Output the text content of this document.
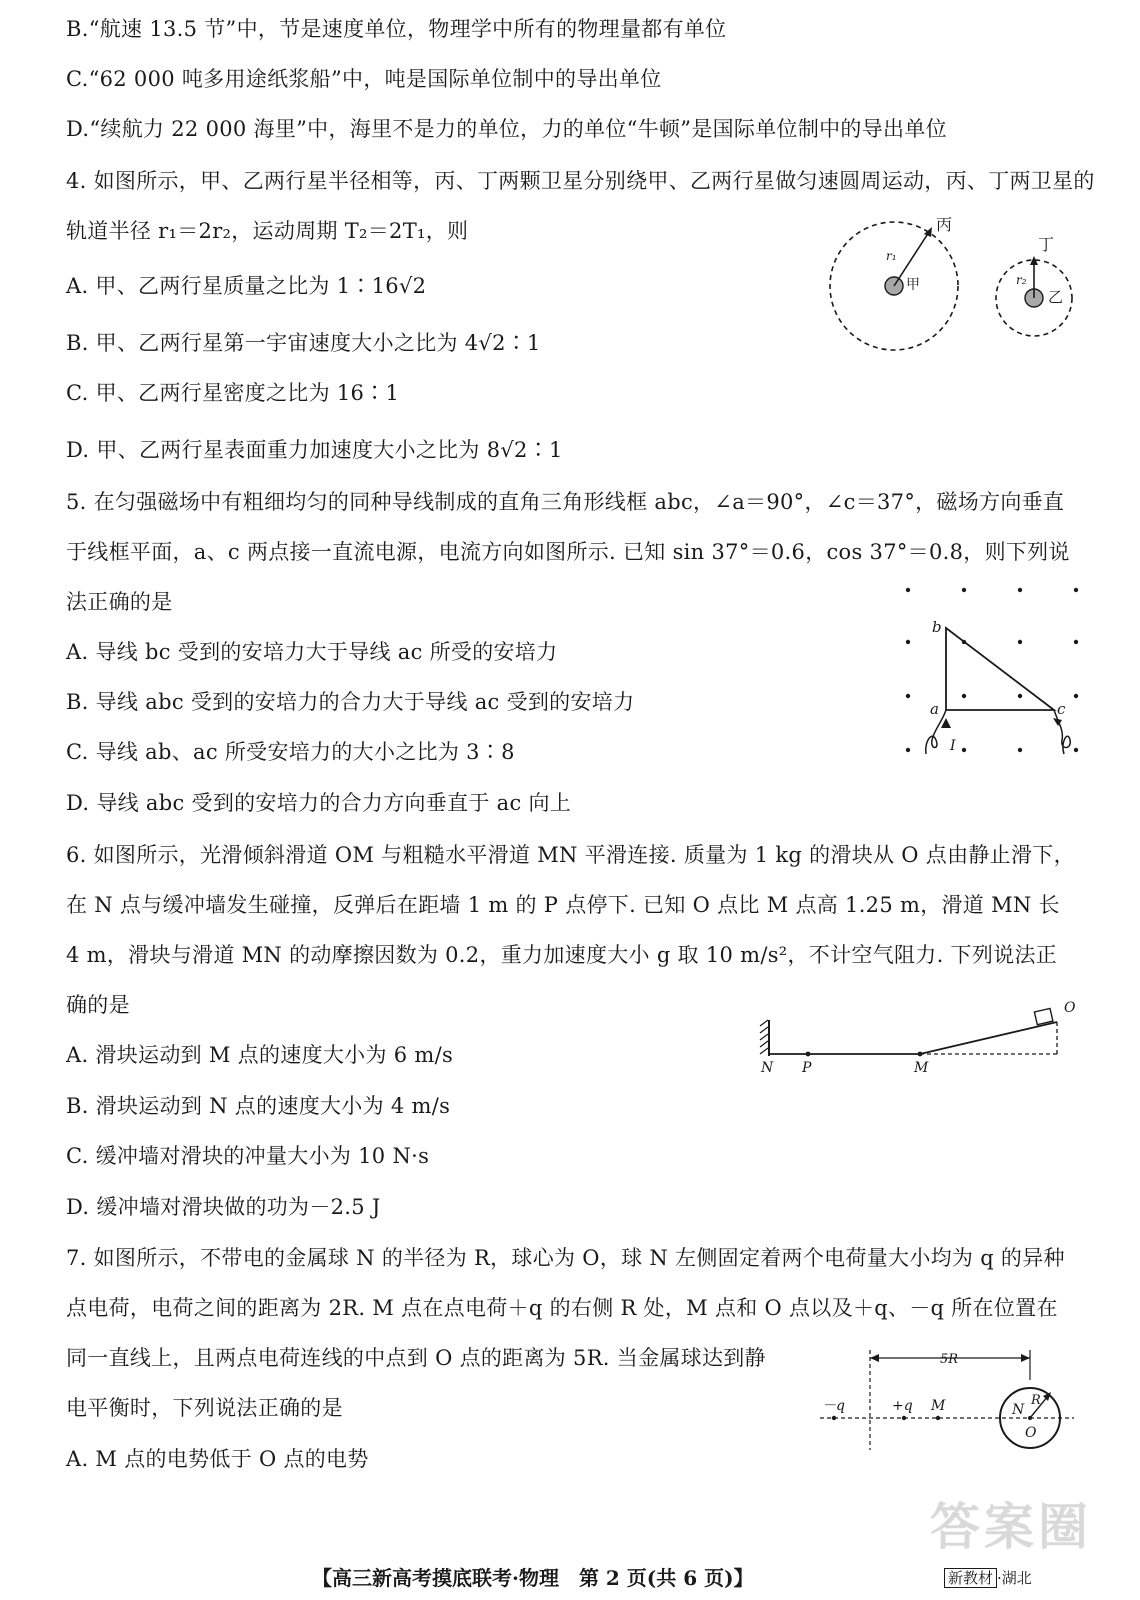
B.“航速 13.5 节”中，节是速度单位，物理学中所有的物理量都有单位
C.“62 000 吨多用途纸浆船”中，吨是国际单位制中的导出单位
D.“续航力 22 000 海里”中，海里不是力的单位，力的单位“牛顿”是国际单位制中的导出单位
4. 如图所示，甲、乙两行星半径相等，丙、丁两颗卫星分别绕甲、乙两行星做匀速圆周运动，丙、丁两卫星的
轨道半径 r₁＝2r₂，运动周期 T₂＝2T₁，则
A. 甲、乙两行星质量之比为 1∶16√2
B. 甲、乙两行星第一宇宙速度大小之比为 4√2∶1
C. 甲、乙两行星密度之比为 16∶1
D. 甲、乙两行星表面重力加速度大小之比为 8√2∶1
5. 在匀强磁场中有粗细均匀的同种导线制成的直角三角形线框 abc，∠a＝90°，∠c＝37°，磁场方向垂直
于线框平面，a、c 两点接一直流电源，电流方向如图所示. 已知 sin 37°＝0.6，cos 37°＝0.8，则下列说
法正确的是
A. 导线 bc 受到的安培力大于导线 ac 所受的安培力
B. 导线 abc 受到的安培力的合力大于导线 ac 受到的安培力
C. 导线 ab、ac 所受安培力的大小之比为 3∶8
D. 导线 abc 受到的安培力的合力方向垂直于 ac 向上
6. 如图所示，光滑倾斜滑道 OM 与粗糙水平滑道 MN 平滑连接. 质量为 1 kg 的滑块从 O 点由静止滑下，
在 N 点与缓冲墙发生碰撞，反弹后在距墙 1 m 的 P 点停下. 已知 O 点比 M 点高 1.25 m，滑道 MN 长
4 m，滑块与滑道 MN 的动摩擦因数为 0.2，重力加速度大小 g 取 10 m/s²，不计空气阻力. 下列说法正
确的是
A. 滑块运动到 M 点的速度大小为 6 m/s
B. 滑块运动到 N 点的速度大小为 4 m/s
C. 缓冲墙对滑块的冲量大小为 10 N·s
D. 缓冲墙对滑块做的功为－2.5 J
7. 如图所示，不带电的金属球 N 的半径为 R，球心为 O，球 N 左侧固定着两个电荷量大小均为 q 的异种
点电荷，电荷之间的距离为 2R. M 点在点电荷＋q 的右侧 R 处，M 点和 O 点以及＋q、－q 所在位置在
同一直线上，且两点电荷连线的中点到 O 点的距离为 5R. 当金属球达到静
电平衡时，下列说法正确的是
A. M 点的电势低于 O 点的电势
丙
甲
r₁
丁
乙
r₂
b
a	c
I
N P	M
O
5R
－q	+q M	N
R
O
答案圈
【高三新高考摸底联考·物理　第 2 页(共 6 页)】	新教材 ·湖北
